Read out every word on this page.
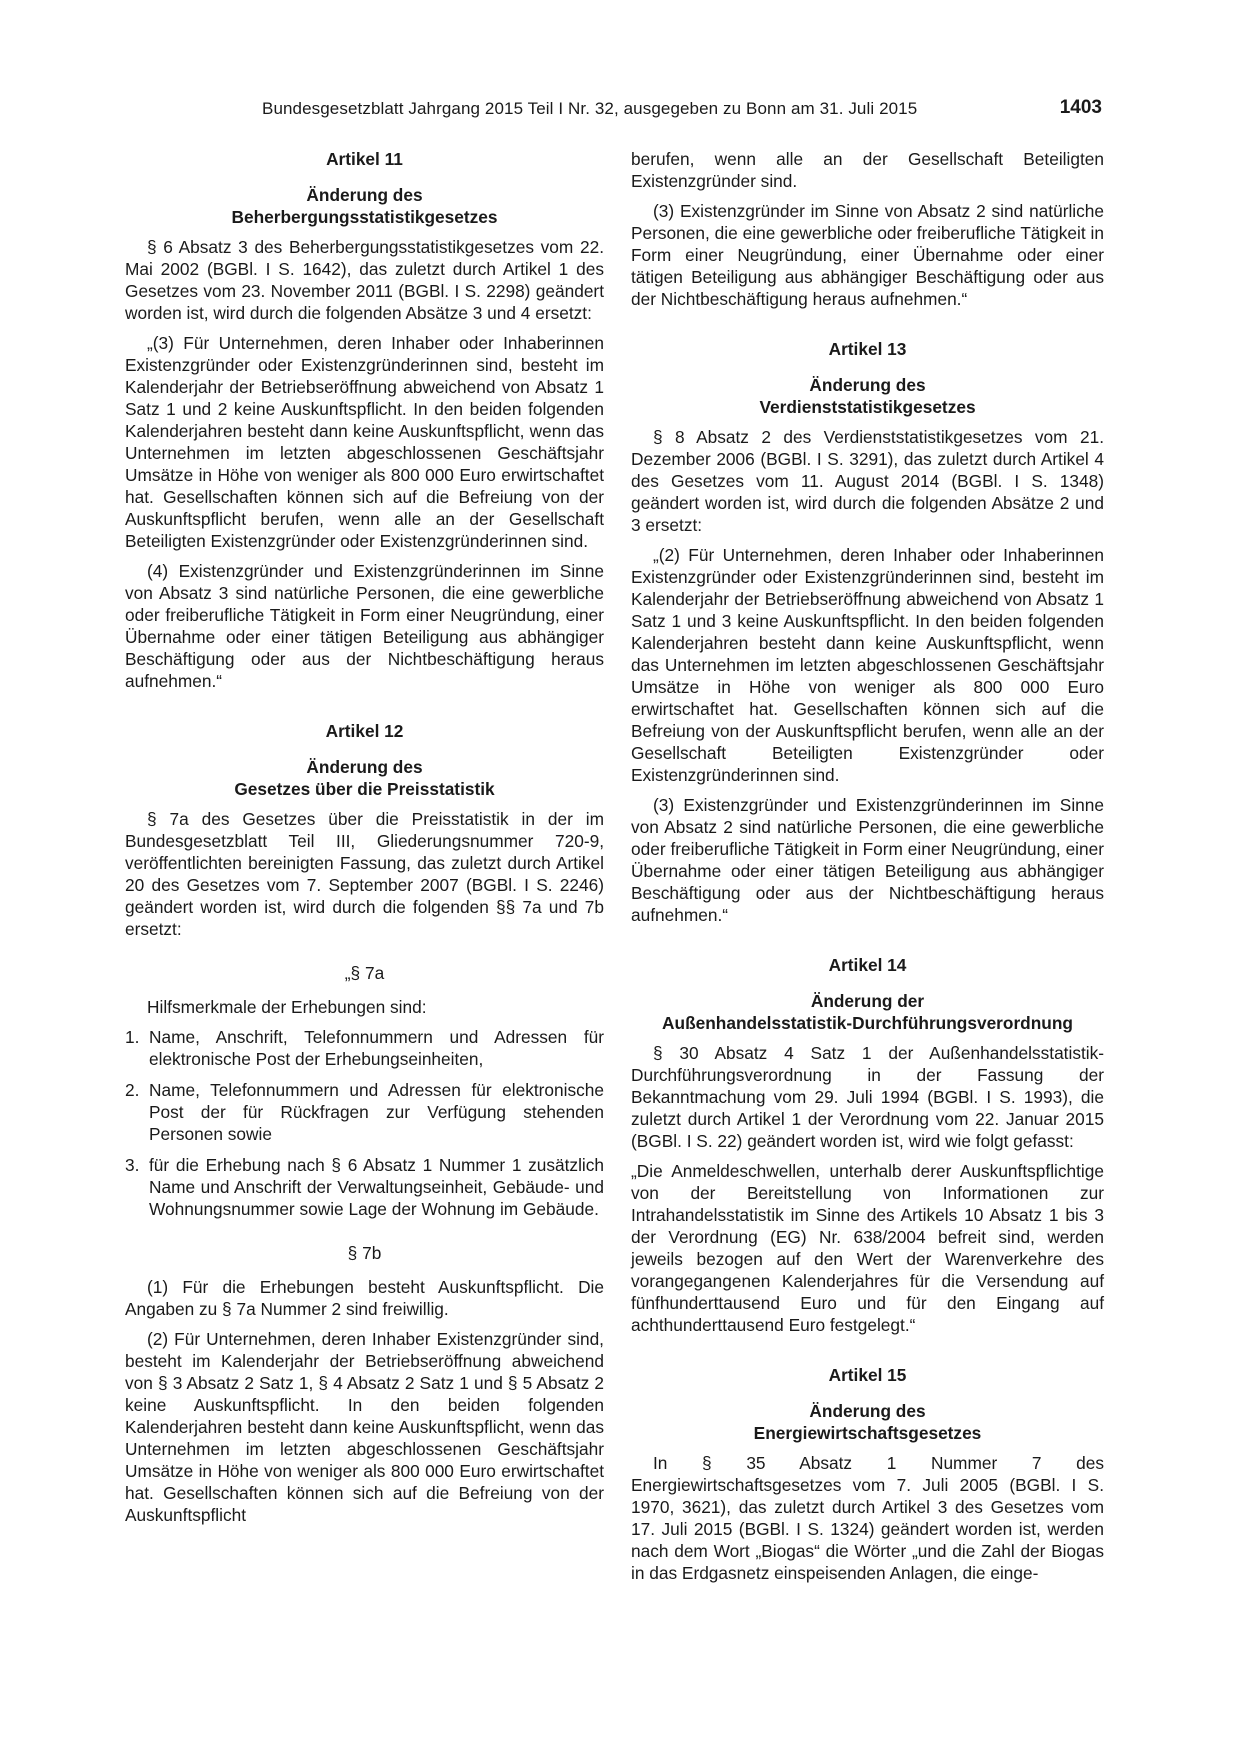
Bundesgesetzblatt Jahrgang 2015 Teil I Nr. 32, ausgegeben zu Bonn am 31. Juli 2015	1403
Artikel 11
Änderung des
Beherbergungsstatistikgesetzes

§ 6 Absatz 3 des Beherbergungsstatistikgesetzes vom 22. Mai 2002 (BGBl. I S. 1642), das zuletzt durch Artikel 1 des Gesetzes vom 23. November 2011 (BGBl. I S. 2298) geändert worden ist, wird durch die folgenden Absätze 3 und 4 ersetzt:

„(3) Für Unternehmen, deren Inhaber oder Inhaberinnen Existenzgründer oder Existenzgründerinnen sind, besteht im Kalenderjahr der Betriebseröffnung abweichend von Absatz 1 Satz 1 und 2 keine Auskunftspflicht. In den beiden folgenden Kalenderjahren besteht dann keine Auskunftspflicht, wenn das Unternehmen im letzten abgeschlossenen Geschäftsjahr Umsätze in Höhe von weniger als 800 000 Euro erwirtschaftet hat. Gesellschaften können sich auf die Befreiung von der Auskunftspflicht berufen, wenn alle an der Gesellschaft Beteiligten Existenzgründer oder Existenzgründerinnen sind.

(4) Existenzgründer und Existenzgründerinnen im Sinne von Absatz 3 sind natürliche Personen, die eine gewerbliche oder freiberufliche Tätigkeit in Form einer Neugründung, einer Übernahme oder einer tätigen Beteiligung aus abhängiger Beschäftigung oder aus der Nichtbeschäftigung heraus aufnehmen.“

Artikel 12
Änderung des
Gesetzes über die Preisstatistik

§ 7a des Gesetzes über die Preisstatistik in der im Bundesgesetzblatt Teil III, Gliederungsnummer 720-9, veröffentlichten bereinigten Fassung, das zuletzt durch Artikel 20 des Gesetzes vom 7. September 2007 (BGBl. I S. 2246) geändert worden ist, wird durch die folgenden §§ 7a und 7b ersetzt:

„§ 7a

Hilfsmerkmale der Erhebungen sind:

1. Name, Anschrift, Telefonnummern und Adressen für elektronische Post der Erhebungseinheiten,
2. Name, Telefonnummern und Adressen für elektronische Post der für Rückfragen zur Verfügung stehenden Personen sowie
3. für die Erhebung nach § 6 Absatz 1 Nummer 1 zusätzlich Name und Anschrift der Verwaltungseinheit, Gebäude- und Wohnungsnummer sowie Lage der Wohnung im Gebäude.
§ 7b

(1) Für die Erhebungen besteht Auskunftspflicht. Die Angaben zu § 7a Nummer 2 sind freiwillig.

(2) Für Unternehmen, deren Inhaber Existenzgründer sind, besteht im Kalenderjahr der Betriebseröffnung abweichend von § 3 Absatz 2 Satz 1, § 4 Absatz 2 Satz 1 und § 5 Absatz 2 keine Auskunftspflicht. In den beiden folgenden Kalenderjahren besteht dann keine Auskunftspflicht, wenn das Unternehmen im letzten abgeschlossenen Geschäftsjahr Umsätze in Höhe von weniger als 800 000 Euro erwirtschaftet hat. Gesellschaften können sich auf die Befreiung von der Auskunftspflicht

berufen, wenn alle an der Gesellschaft Beteiligten Existenzgründer sind.

(3) Existenzgründer im Sinne von Absatz 2 sind natürliche Personen, die eine gewerbliche oder freiberufliche Tätigkeit in Form einer Neugründung, einer Übernahme oder einer tätigen Beteiligung aus abhängiger Beschäftigung oder aus der Nichtbeschäftigung heraus aufnehmen.“

Artikel 13
Änderung des
Verdienststatistikgesetzes

§ 8 Absatz 2 des Verdienststatistikgesetzes vom 21. Dezember 2006 (BGBl. I S. 3291), das zuletzt durch Artikel 4 des Gesetzes vom 11. August 2014 (BGBl. I S. 1348) geändert worden ist, wird durch die folgenden Absätze 2 und 3 ersetzt:

„(2) Für Unternehmen, deren Inhaber oder Inhaberinnen Existenzgründer oder Existenzgründerinnen sind, besteht im Kalenderjahr der Betriebseröffnung abweichend von Absatz 1 Satz 1 und 3 keine Auskunftspflicht. In den beiden folgenden Kalenderjahren besteht dann keine Auskunftspflicht, wenn das Unternehmen im letzten abgeschlossenen Geschäftsjahr Umsätze in Höhe von weniger als 800 000 Euro erwirtschaftet hat. Gesellschaften können sich auf die Befreiung von der Auskunftspflicht berufen, wenn alle an der Gesellschaft Beteiligten Existenzgründer oder Existenzgründerinnen sind.

(3) Existenzgründer und Existenzgründerinnen im Sinne von Absatz 2 sind natürliche Personen, die eine gewerbliche oder freiberufliche Tätigkeit in Form einer Neugründung, einer Übernahme oder einer tätigen Beteiligung aus abhängiger Beschäftigung oder aus der Nichtbeschäftigung heraus aufnehmen.“

Artikel 14
Änderung der
Außenhandelsstatistik-Durchführungsverordnung

§ 30 Absatz 4 Satz 1 der Außenhandelsstatistik-Durchführungsverordnung in der Fassung der Bekanntmachung vom 29. Juli 1994 (BGBl. I S. 1993), die zuletzt durch Artikel 1 der Verordnung vom 22. Januar 2015 (BGBl. I S. 22) geändert worden ist, wird wie folgt gefasst:

„Die Anmeldeschwellen, unterhalb derer Auskunftspflichtige von der Bereitstellung von Informationen zur Intrahandelsstatistik im Sinne des Artikels 10 Absatz 1 bis 3 der Verordnung (EG) Nr. 638/2004 befreit sind, werden jeweils bezogen auf den Wert der Warenverkehre des vorangegangenen Kalenderjahres für die Versendung auf fünfhunderttausend Euro und für den Eingang auf achthunderttausend Euro festgelegt.“

Artikel 15
Änderung des
Energiewirtschaftsgesetzes

In § 35 Absatz 1 Nummer 7 des Energiewirtschaftsgesetzes vom 7. Juli 2005 (BGBl. I S. 1970, 3621), das zuletzt durch Artikel 3 des Gesetzes vom 17. Juli 2015 (BGBl. I S. 1324) geändert worden ist, werden nach dem Wort „Biogas“ die Wörter „und die Zahl der Biogas in das Erdgasnetz einspeisenden Anlagen, die einge-
